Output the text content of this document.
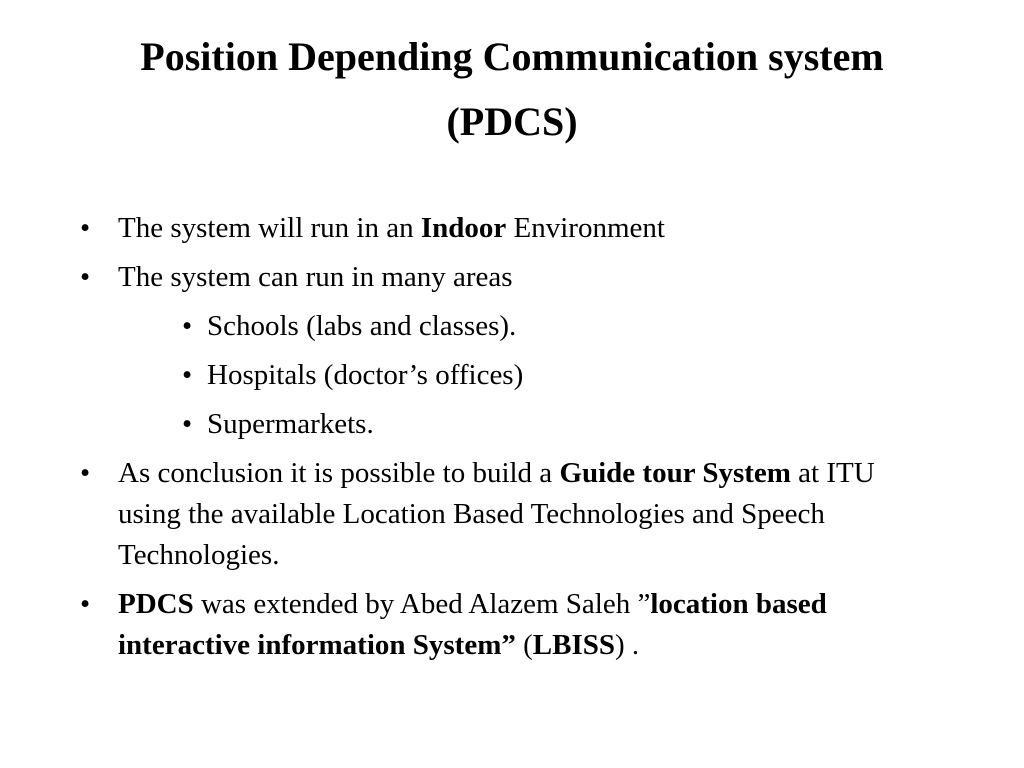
Position Depending Communication system
(PDCS)
• The system will run in an Indoor Environment
• The system can run in many areas
• Schools (labs and classes).
• Hospitals (doctor’s offices)
• Supermarkets.
• As conclusion it is possible to build a Guide tour System at ITU using the available Location Based Technologies and Speech Technologies.
• PDCS was extended by Abed Alazem Saleh ”location based interactive information System” (LBISS) .
